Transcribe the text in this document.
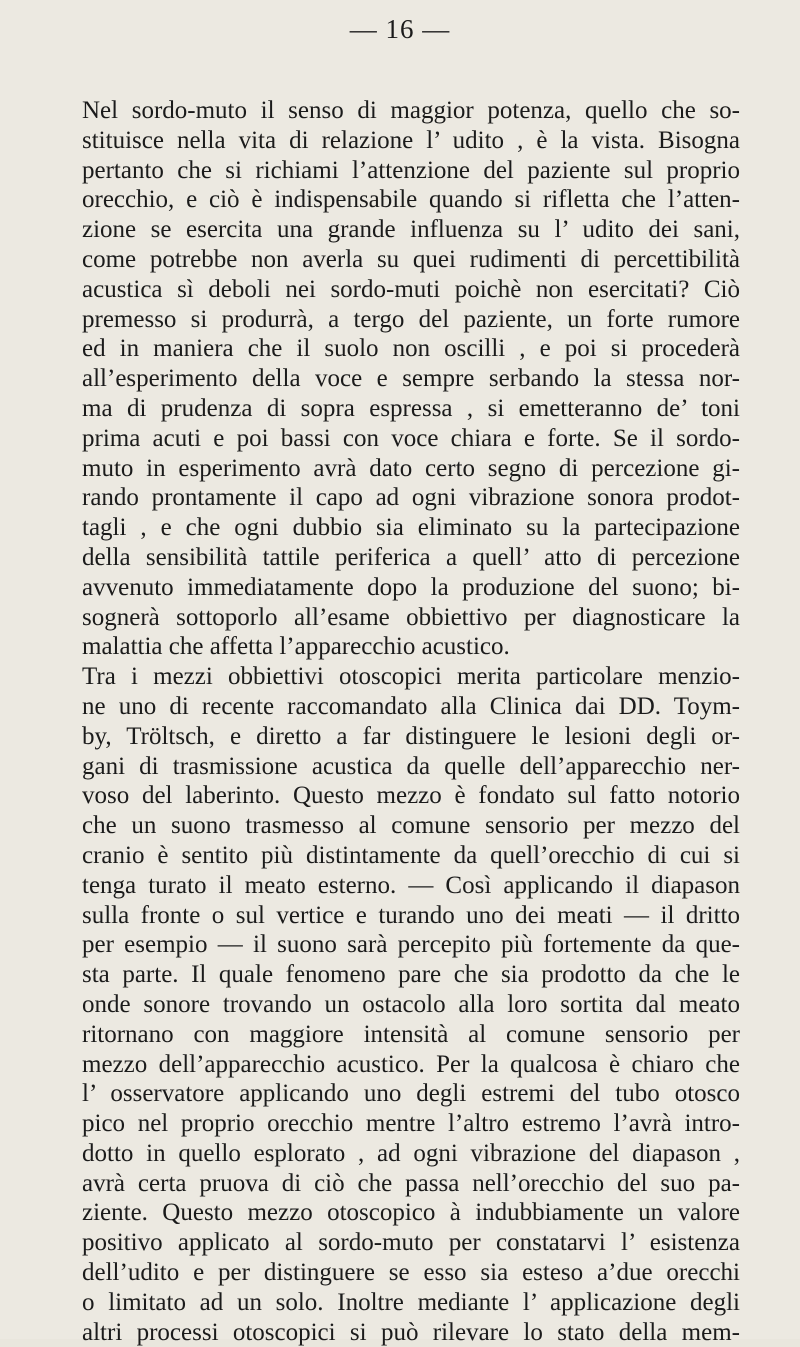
— 16 —
Nel sordo-muto il senso di maggior potenza, quello che so-
stituisce nella vita di relazione l’ udito , è la vista. Bisogna
pertanto che si richiami l’attenzione del paziente sul proprio
orecchio, e ciò è indispensabile quando si rifletta che l’atten-
zione se esercita una grande influenza su l’ udito dei sani,
come potrebbe non averla su quei rudimenti di percettibilità
acustica sì deboli nei sordo-muti poichè non esercitati? Ciò
premesso si produrrà, a tergo del paziente, un forte rumore
ed in maniera che il suolo non oscilli , e poi si procederà
all’esperimento della voce e sempre serbando la stessa nor-
ma di prudenza di sopra espressa , si emetteranno de’ toni
prima acuti e poi bassi con voce chiara e forte. Se il sordo-
muto in esperimento avrà dato certo segno di percezione gi-
rando prontamente il capo ad ogni vibrazione sonora prodot-
tagli , e che ogni dubbio sia eliminato su la partecipazione
della sensibilità tattile periferica a quell’ atto di percezione
avvenuto immediatamente dopo la produzione del suono; bi-
sognerà sottoporlo all’esame obbiettivo per diagnosticare la
malattia che affetta l’apparecchio acustico.
Tra i mezzi obbiettivi otoscopici merita particolare menzio-
ne uno di recente raccomandato alla Clinica dai DD. Toym-
by, Tröltsch, e diretto a far distinguere le lesioni degli or-
gani di trasmissione acustica da quelle dell’apparecchio ner-
voso del laberinto. Questo mezzo è fondato sul fatto notorio
che un suono trasmesso al comune sensorio per mezzo del
cranio è sentito più distintamente da quell’orecchio di cui si
tenga turato il meato esterno. — Così applicando il diapason
sulla fronte o sul vertice e turando uno dei meati — il dritto
per esempio — il suono sarà percepito più fortemente da que-
sta parte. Il quale fenomeno pare che sia prodotto da che le
onde sonore trovando un ostacolo alla loro sortita dal meato
ritornano con maggiore intensità al comune sensorio per
mezzo dell’apparecchio acustico. Per la qualcosa è chiaro che
l’ osservatore applicando uno degli estremi del tubo otosco
pico nel proprio orecchio mentre l’altro estremo l’avrà intro-
dotto in quello esplorato , ad ogni vibrazione del diapason ,
avrà certa pruova di ciò che passa nell’orecchio del suo pa-
ziente. Questo mezzo otoscopico à indubbiamente un valore
positivo applicato al sordo-muto per constatarvi l’ esistenza
dell’udito e per distinguere se esso sia esteso a’due orecchi
o limitato ad un solo. Inoltre mediante l’ applicazione degli
altri processi otoscopici si può rilevare lo stato della mem-
